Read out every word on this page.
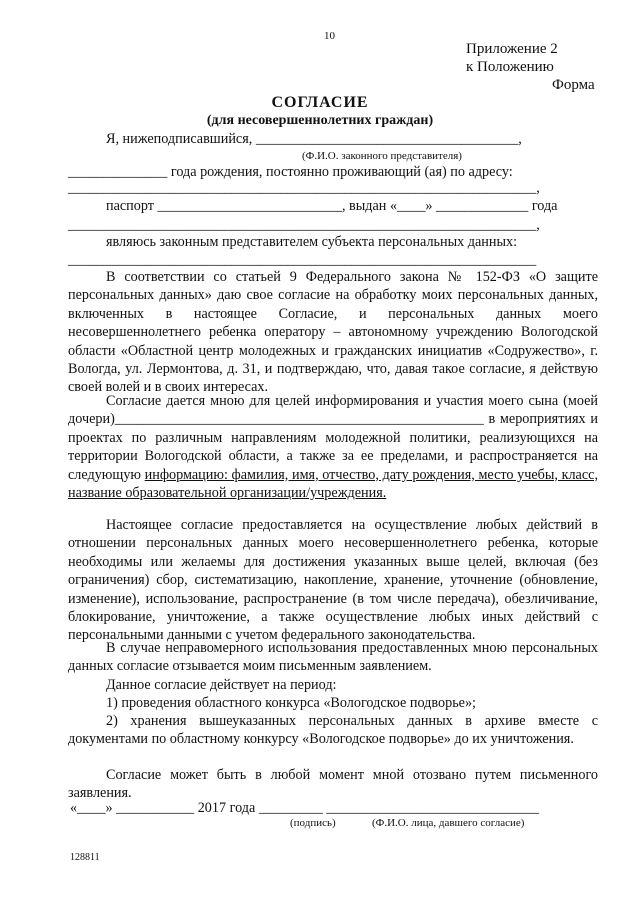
10
Приложение 2
к Положению
Форма
СОГЛАСИЕ
(для несовершеннолетних граждан)
Я, нижеподписавшийся, _____________________________________,
(Ф.И.О. законного представителя)
______________ года рождения, постоянно проживающий (ая) по адресу:
__________________________________________________________________,
паспорт __________________________, выдан «____» _____________ года
__________________________________________________________________,
являюсь законным представителем субъекта персональных данных:
__________________________________________________________________
В соответствии со статьей 9 Федерального закона № 152-ФЗ «О защите персональных данных» даю свое согласие на обработку моих персональных данных, включенных в настоящее Согласие, и персональных данных моего несовершеннолетнего ребенка оператору – автономному учреждению Вологодской области «Областной центр молодежных и гражданских инициатив «Содружество», г. Вологда, ул. Лермонтова, д. 31, и подтверждаю, что, давая такое согласие, я действую своей волей и в своих интересах.
Согласие дается мною для целей информирования и участия моего сына (моей дочери)____________________________________________________ в мероприятиях и проектах по различным направлениям молодежной политики, реализующихся на территории Вологодской области, а также за ее пределами, и распространяется на следующую информацию: фамилия, имя, отчество, дату рождения, место учебы, класс, название образовательной организации/учреждения.
Настоящее согласие предоставляется на осуществление любых действий в отношении персональных данных моего несовершеннолетнего ребенка, которые необходимы или желаемы для достижения указанных выше целей, включая (без ограничения) сбор, систематизацию, накопление, хранение, уточнение (обновление, изменение), использование, распространение (в том числе передача), обезличивание, блокирование, уничтожение, а также осуществление любых иных действий с персональными данными с учетом федерального законодательства.
В случае неправомерного использования предоставленных мною персональных данных согласие отзывается моим письменным заявлением.
Данное согласие действует на период:
1) проведения областного конкурса «Вологодское подворье»;
2) хранения вышеуказанных персональных данных в архиве вместе с документами по областному конкурсу «Вологодское подворье» до их уничтожения.
Согласие может быть в любой момент мной отозвано путем письменного заявления.
«____» ___________ 2017 года _________ ______________________________
(подпись)	(Ф.И.О. лица, давшего согласие)
128811
